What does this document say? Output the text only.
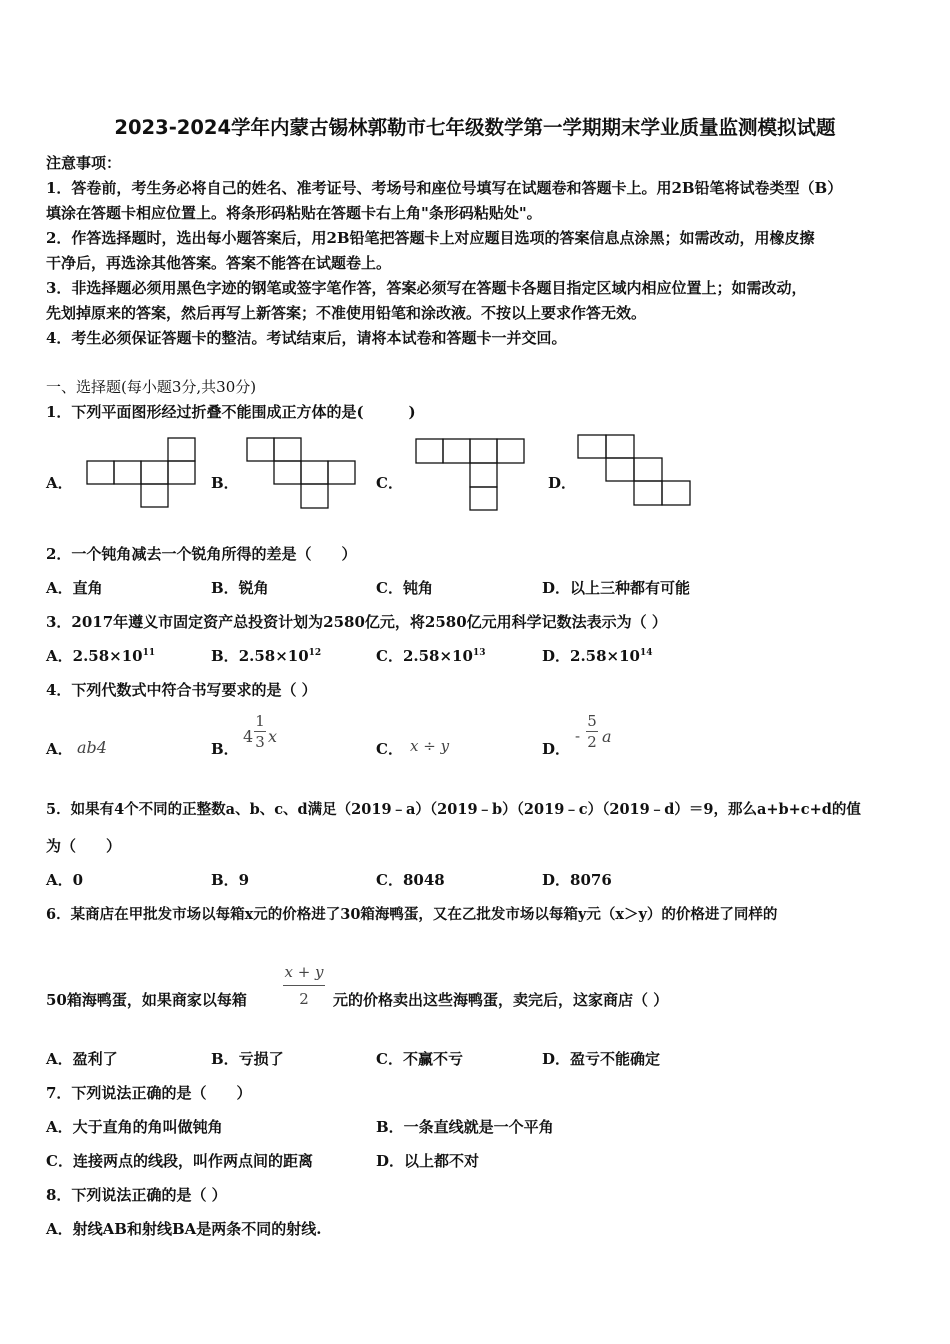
2023-2024学年内蒙古锡林郭勒市七年级数学第一学期期末学业质量监测模拟试题
注意事项：
1．答卷前，考生务必将自己的姓名、准考证号、考场号和座位号填写在试题卷和答题卡上。用2B铅笔将试卷类型（B）
填涂在答题卡相应位置上。将条形码粘贴在答题卡右上角"条形码粘贴处"。
2．作答选择题时，选出每小题答案后，用2B铅笔把答题卡上对应题目选项的答案信息点涂黑；如需改动，用橡皮擦
干净后，再选涂其他答案。答案不能答在试题卷上。
3．非选择题必须用黑色字迹的钢笔或签字笔作答，答案必须写在答题卡各题目指定区域内相应位置上；如需改动，
先划掉原来的答案，然后再写上新答案；不准使用铅笔和涂改液。不按以上要求作答无效。
4．考生必须保证答题卡的整洁。考试结束后，请将本试卷和答题卡一并交回。
一、选择题(每小题3分,共30分)
1．下列平面图形经过折叠不能围成正方体的是(　　　)
A．	B．	C．	D．
2．一个钝角减去一个锐角所得的差是（　　）
A．直角	B．锐角	C．钝角	D．以上三种都有可能
3．2017年遵义市固定资产总投资计划为2580亿元，将2580亿元用科学记数法表示为（ ）
A．$2.58\times 10^{11}$	B．$2.58\times 10^{12}$	C．$2.58\times 10^{13}$	D．$2.58\times 10^{14}$
4．下列代数式中符合书写要求的是（ ）
A． ab4	B．
4
1
3 x
C． x ÷ y	D．
-
5
2 a
5．如果有4个不同的正整数a、b、c、d满足（2019﹣a）（2019﹣b）（2019﹣c）（2019﹣d）＝9，那么a+b+c+d的值
为（　　）
A．0	B．9	C．8048	D．8076
6．某商店在甲批发市场以每箱x元的价格进了30箱海鸭蛋，又在乙批发市场以每箱y元（x＞y）的价格进了同样的
50箱海鸭蛋，如果商家以每箱
x + y
2	元的价格卖出这些海鸭蛋，卖完后，这家商店（ ）
A．盈利了	B．亏损了	C．不赢不亏	D．盈亏不能确定
7．下列说法正确的是（　　）
A．大于直角的角叫做钝角	B．一条直线就是一个平角
C．连接两点的线段，叫作两点间的距离	D．以上都不对
8．下列说法正确的是（ ）
A．射线AB和射线BA是两条不同的射线.
